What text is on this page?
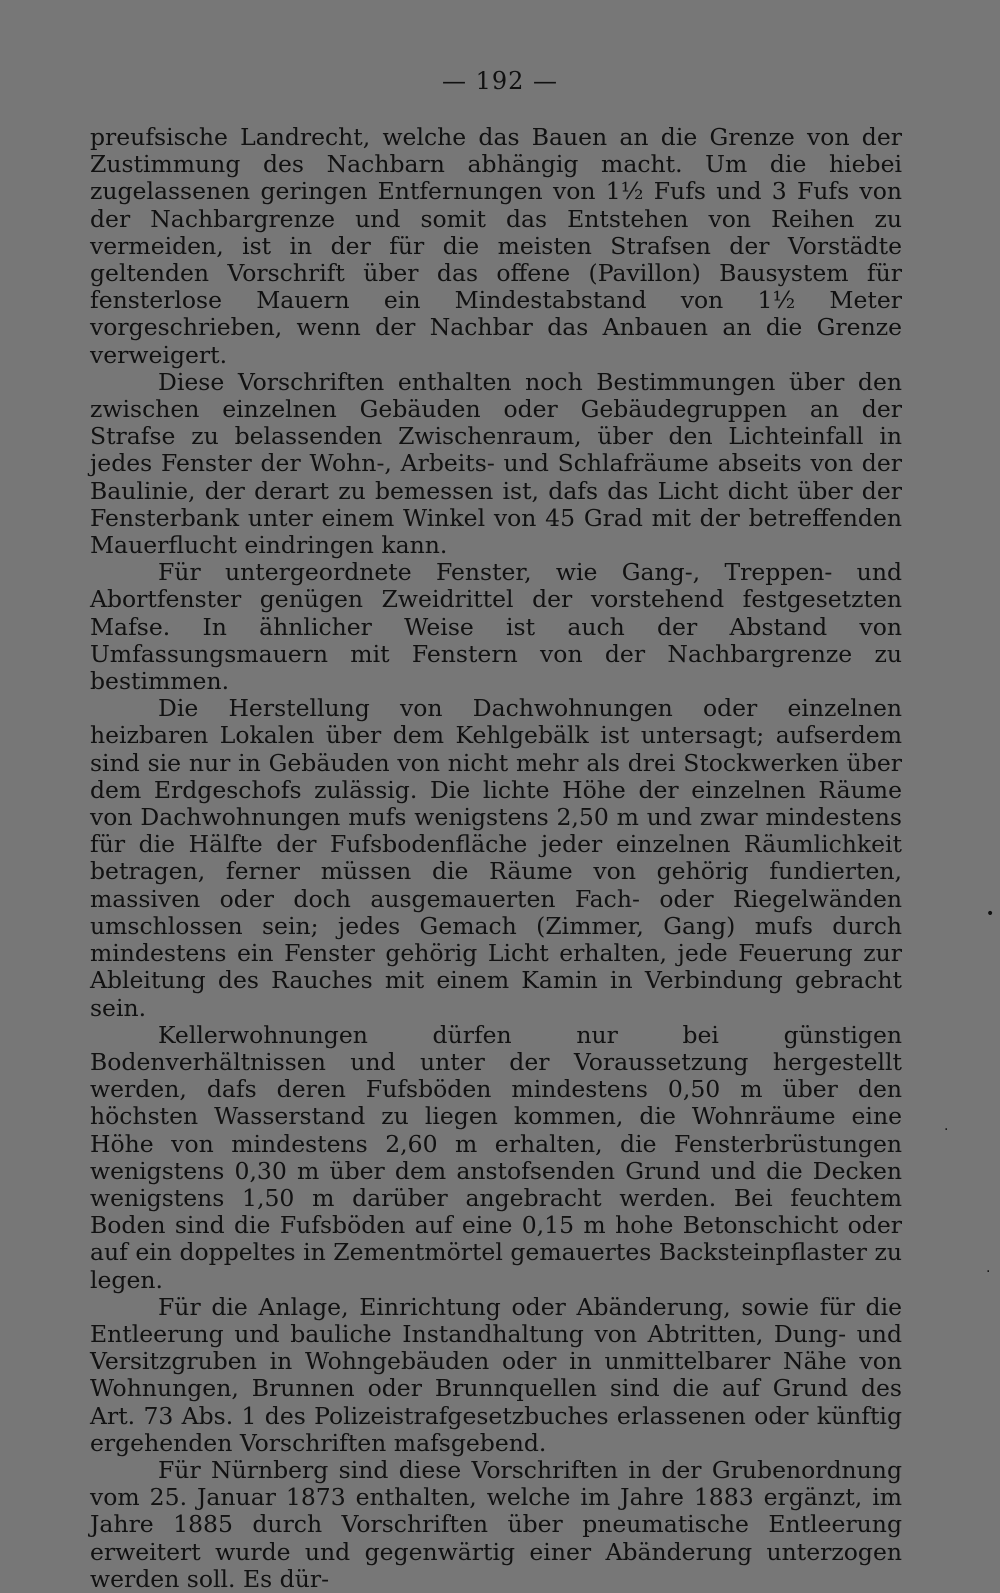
— 192 —

preufsische Landrecht, welche das Bauen an die Grenze von der Zustimmung des Nachbarn abhängig macht. Um die hiebei zugelassenen geringen Entfernungen von 1½ Fufs und 3 Fufs von der Nachbargrenze und somit das Entstehen von Reihen zu vermeiden, ist in der für die meisten Strafsen der Vorstädte geltenden Vorschrift über das offene (Pavillon) Bausystem für fensterlose Mauern ein Mindestabstand von 1½ Meter vorgeschrieben, wenn der Nachbar das Anbauen an die Grenze verweigert.

Diese Vorschriften enthalten noch Bestimmungen über den zwischen einzelnen Gebäuden oder Gebäudegruppen an der Strafse zu belassenden Zwischenraum, über den Lichteinfall in jedes Fenster der Wohn-, Arbeits- und Schlafräume abseits von der Baulinie, der derart zu bemessen ist, dafs das Licht dicht über der Fensterbank unter einem Winkel von 45 Grad mit der betreffenden Mauerflucht eindringen kann.

Für untergeordnete Fenster, wie Gang-, Treppen- und Abortfenster genügen Zweidrittel der vorstehend festgesetzten Mafse. In ähnlicher Weise ist auch der Abstand von Umfassungsmauern mit Fenstern von der Nachbargrenze zu bestimmen.

Die Herstellung von Dachwohnungen oder einzelnen heizbaren Lokalen über dem Kehlgebälk ist untersagt; aufserdem sind sie nur in Gebäuden von nicht mehr als drei Stockwerken über dem Erdgeschofs zulässig. Die lichte Höhe der einzelnen Räume von Dachwohnungen mufs wenigstens 2,50 m und zwar mindestens für die Hälfte der Fufsbodenfläche jeder einzelnen Räumlichkeit betragen, ferner müssen die Räume von gehörig fundierten, massiven oder doch ausgemauerten Fach- oder Riegelwänden umschlossen sein; jedes Gemach (Zimmer, Gang) mufs durch mindestens ein Fenster gehörig Licht erhalten, jede Feuerung zur Ableitung des Rauches mit einem Kamin in Verbindung gebracht sein.

Kellerwohnungen dürfen nur bei günstigen Bodenverhältnissen und unter der Voraussetzung hergestellt werden, dafs deren Fufsböden mindestens 0,50 m über den höchsten Wasserstand zu liegen kommen, die Wohnräume eine Höhe von mindestens 2,60 m erhalten, die Fensterbrüstungen wenigstens 0,30 m über dem anstofsenden Grund und die Decken wenigstens 1,50 m darüber angebracht werden. Bei feuchtem Boden sind die Fufsböden auf eine 0,15 m hohe Betonschicht oder auf ein doppeltes in Zementmörtel gemauertes Backsteinpflaster zu legen.

Für die Anlage, Einrichtung oder Abänderung, sowie für die Entleerung und bauliche Instandhaltung von Abtritten, Dung- und Versitzgruben in Wohngebäuden oder in unmittelbarer Nähe von Wohnungen, Brunnen oder Brunnquellen sind die auf Grund des Art. 73 Abs. 1 des Polizeistrafgesetzbuches erlassenen oder künftig ergehenden Vorschriften mafsgebend.

Für Nürnberg sind diese Vorschriften in der Grubenordnung vom 25. Januar 1873 enthalten, welche im Jahre 1883 ergänzt, im Jahre 1885 durch Vorschriften über pneumatische Entleerung erweitert wurde und gegenwärtig einer Abänderung unterzogen werden soll. Es dür-

•
·
·
